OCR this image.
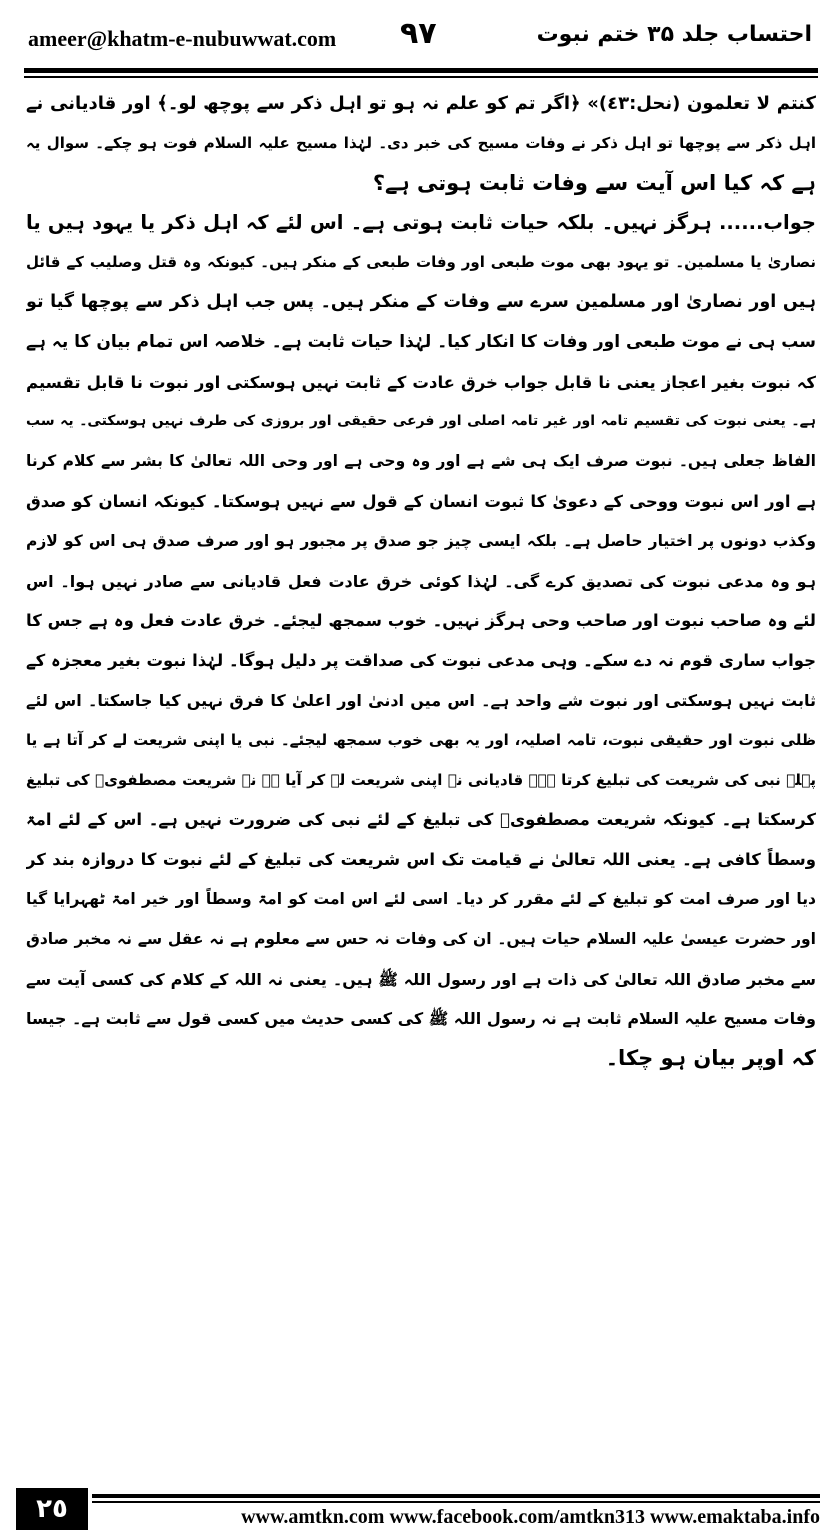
ameer@khatm-e-nubuwwat.com ٩٧	احتساب جلد ۳۵ ختم نبوت
کنتم لا تعلمون (نحل:٤٣)» ﴿اگر تم کو علم نہ ہو تو اہل ذکر سے پوچھ لو۔﴾ اور قادیانی نے
اہل ذکر سے پوچھا تو اہل ذکر نے وفات مسیح کی خبر دی۔ لہٰذا مسیح علیہ السلام فوت ہو چکے۔ سوال یہ
ہے کہ کیا اس آیت سے وفات ثابت ہوتی ہے؟
جواب...... ہرگز نہیں۔ بلکہ حیات ثابت ہوتی ہے۔ اس لئے کہ اہل ذکر یا یہود ہیں یا
نصاریٰ یا مسلمین۔ تو یہود بھی موت طبعی اور وفات طبعی کے منکر ہیں۔ کیونکہ وہ قتل وصلیب کے قائل
ہیں اور نصاریٰ اور مسلمین سرے سے وفات کے منکر ہیں۔ پس جب اہل ذکر سے پوچھا گیا تو
سب ہی نے موت طبعی اور وفات کا انکار کیا۔ لہٰذا حیات ثابت ہے۔ خلاصہ اس تمام بیان کا یہ ہے
کہ نبوت بغیر اعجاز یعنی نا قابل جواب خرق عادت کے ثابت نہیں ہوسکتی اور نبوت نا قابل تقسیم
ہے۔ یعنی نبوت کی تقسیم تامہ اور غیر تامہ اصلی اور فرعی حقیقی اور بروزی کی طرف نہیں ہوسکتی۔ یہ سب
الفاظ جعلی ہیں۔ نبوت صرف ایک ہی شے ہے اور وہ وحی ہے اور وحی اللہ تعالیٰ کا بشر سے کلام کرنا
ہے اور اس نبوت ووحی کے دعویٰ کا ثبوت انسان کے قول سے نہیں ہوسکتا۔ کیونکہ انسان کو صدق
وکذب دونوں پر اختیار حاصل ہے۔ بلکہ ایسی چیز جو صدق پر مجبور ہو اور صرف صدق ہی اس کو لازم
ہو وہ مدعی نبوت کی تصدیق کرے گی۔ لہٰذا کوئی خرق عادت فعل قادیانی سے صادر نہیں ہوا۔ اس
لئے وہ صاحب نبوت اور صاحب وحی ہرگز نہیں۔ خوب سمجھ لیجئے۔ خرق عادت فعل وہ ہے جس کا
جواب ساری قوم نہ دے سکے۔ وہی مدعی نبوت کی صداقت پر دلیل ہوگا۔ لہٰذا نبوت بغیر معجزہ کے
ثابت نہیں ہوسکتی اور نبوت شے واحد ہے۔ اس میں ادنیٰ اور اعلیٰ کا فرق نہیں کیا جاسکتا۔ اس لئے
ظلی نبوت اور حقیقی نبوت، تامہ اصلیہ، اور یہ بھی خوب سمجھ لیجئے۔ نبی یا اپنی شریعت لے کر آتا ہے یا
پہلے نبی کی شریعت کی تبلیغ کرتا ہے۔ قادیانی نہ اپنی شریعت لے کر آیا ہے نہ شریعت مصطفویؐ کی تبلیغ
کرسکتا ہے۔ کیونکہ شریعت مصطفویؐ کی تبلیغ کے لئے نبی کی ضرورت نہیں ہے۔ اس کے لئے امۃ
وسطاً کافی ہے۔ یعنی اللہ تعالیٰ نے قیامت تک اس شریعت کی تبلیغ کے لئے نبوت کا دروازہ بند کر
دیا اور صرف امت کو تبلیغ کے لئے مقرر کر دیا۔ اسی لئے اس امت کو امۃ وسطاً اور خیر امۃ ٹھہرایا گیا
اور حضرت عیسیٰ علیہ السلام حیات ہیں۔ ان کی وفات نہ حس سے معلوم ہے نہ عقل سے نہ مخبر صادق
سے مخبر صادق اللہ تعالیٰ کی ذات ہے اور رسول اللہ ﷺ ہیں۔ یعنی نہ اللہ کے کلام کی کسی آیت سے
وفات مسیح علیہ السلام ثابت ہے نہ رسول اللہ ﷺ کی کسی حدیث میں کسی قول سے ثابت ہے۔ جیسا
کہ اوپر بیان ہو چکا۔
٢٥	www.amtkn.com www.facebook.com/amtkn313 www.emaktaba.info
